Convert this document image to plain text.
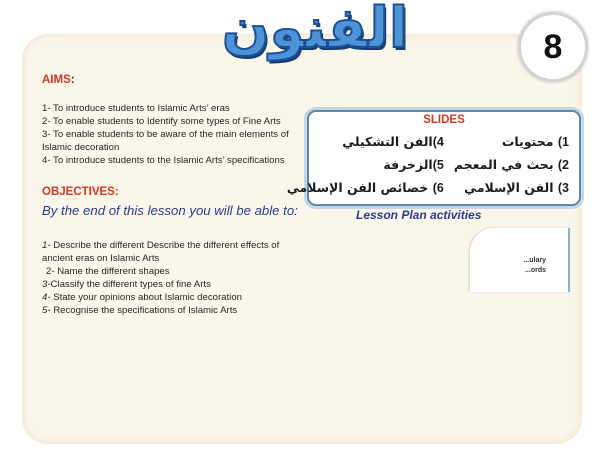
الفنون	8
AIMS:
1- To introduce students to Islamic Arts’ eras
2- To enable students to Identify some types of Fine Arts
3- To enable students to be aware of the main elements of Islamic decoration
4- To introduce students to the Islamic Arts’ specifications
OBJECTIVES:
By the end of this lesson you will be able to:
1- Describe the different Describe the different effects of ancient eras on Islamic Arts
2- Name the different shapes
3-Classify the different types of fine Arts
4- State your opinions about Islamic decoration
5- Recognise the specifications of Islamic Arts
SLIDES
1) محتويات
4)الفن التشكيلي
2) بحث في المعجم
5)الزخرفة
3) الفن الإسلامي
6) خصائص الفن الإسلامي
Lesson Plan activities
...ulary
...ords
